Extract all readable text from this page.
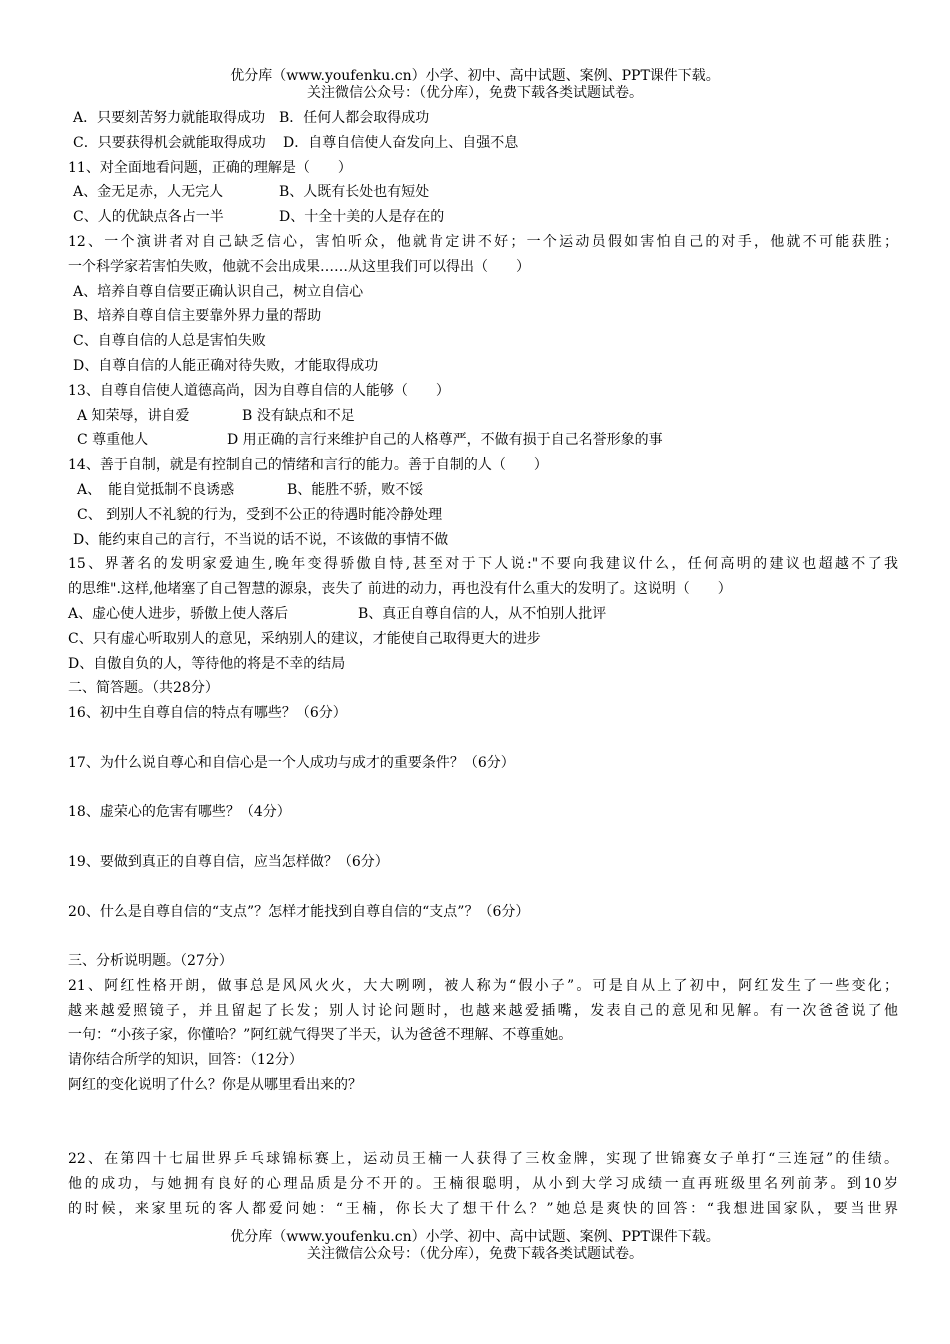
优分库（www.youfenku.cn）小学、初中、高中试题、案例、PPT课件下载。
关注微信公众号：（优分库），免费下载各类试题试卷。
A．只要刻苦努力就能取得成功 B．任何人都会取得成功
C．只要获得机会就能取得成功 D．自尊自信使人奋发向上、自强不息
11、对全面地看问题，正确的理解是（　　）
A、金无足赤，人无完人	B、人既有长处也有短处
C、人的优缺点各占一半	D、十全十美的人是存在的
12、一个演讲者对自己缺乏信心，害怕听众，他就肯定讲不好；一个运动员假如害怕自己的对手，他就不可能获胜；
一个科学家若害怕失败，他就不会出成果……从这里我们可以得出（　　）
A、培养自尊自信要正确认识自己，树立自信心
B、培养自尊自信主要靠外界力量的帮助
C、自尊自信的人总是害怕失败
D、自尊自信的人能正确对待失败，才能取得成功
13、自尊自信使人道德高尚，因为自尊自信的人能够（　　）
A 知荣辱，讲自爱	B 没有缺点和不足
C 尊重他人	D 用正确的言行来维护自己的人格尊严，不做有损于自己名誉形象的事
14、善于自制，就是有控制自己的情绪和言行的能力。善于自制的人（　　）
A、　能自觉抵制不良诱惑	B、能胜不骄，败不馁
C、 到别人不礼貌的行为，受到不公正的待遇时能冷静处理
D、能约束自己的言行，不当说的话不说，不该做的事情不做
15、界著名的发明家爱迪生,晚年变得骄傲自恃,甚至对于下人说:"不要向我建议什么，任何高明的建议也超越不了我
的思维".这样,他堵塞了自己智慧的源泉，丧失了 前进的动力，再也没有什么重大的发明了。这说明（　　）
A、虚心使人进步，骄傲上使人落后	B、真正自尊自信的人，从不怕别人批评
C、只有虚心听取别人的意见，采纳别人的建议，才能使自己取得更大的进步
D、自傲自负的人，等待他的将是不幸的结局
二、简答题。（共28分）
16、初中生自尊自信的特点有哪些？（6分）
17、为什么说自尊心和自信心是一个人成功与成才的重要条件？（6分）
18、虚荣心的危害有哪些？（4分）
19、要做到真正的自尊自信，应当怎样做？（6分）
20、什么是自尊自信的“支点”？怎样才能找到自尊自信的“支点”？（6分）
三、分析说明题。（27分）
21、阿红性格开朗，做事总是风风火火，大大咧咧，被人称为“假小子”。可是自从上了初中，阿红发生了一些变化；
越来越爱照镜子，并且留起了长发；别人讨论问题时，也越来越爱插嘴，发表自己的意见和见解。有一次爸爸说了他
一句：“小孩子家，你懂哈？”阿红就气得哭了半天，认为爸爸不理解、不尊重她。
请你结合所学的知识，回答：（12分）
阿红的变化说明了什么？你是从哪里看出来的？
22、在第四十七届世界乒乓球锦标赛上，运动员王楠一人获得了三枚金牌，实现了世锦赛女子单打“三连冠”的佳绩。
他的成功，与她拥有良好的心理品质是分不开的。王楠很聪明，从小到大学习成绩一直再班级里名列前茅。到10岁
的时候，来家里玩的客人都爱问她：“王楠，你长大了想干什么？”她总是爽快的回答：“我想进国家队，要当世界
优分库（www.youfenku.cn）小学、初中、高中试题、案例、PPT课件下载。
关注微信公众号：（优分库），免费下载各类试题试卷。
